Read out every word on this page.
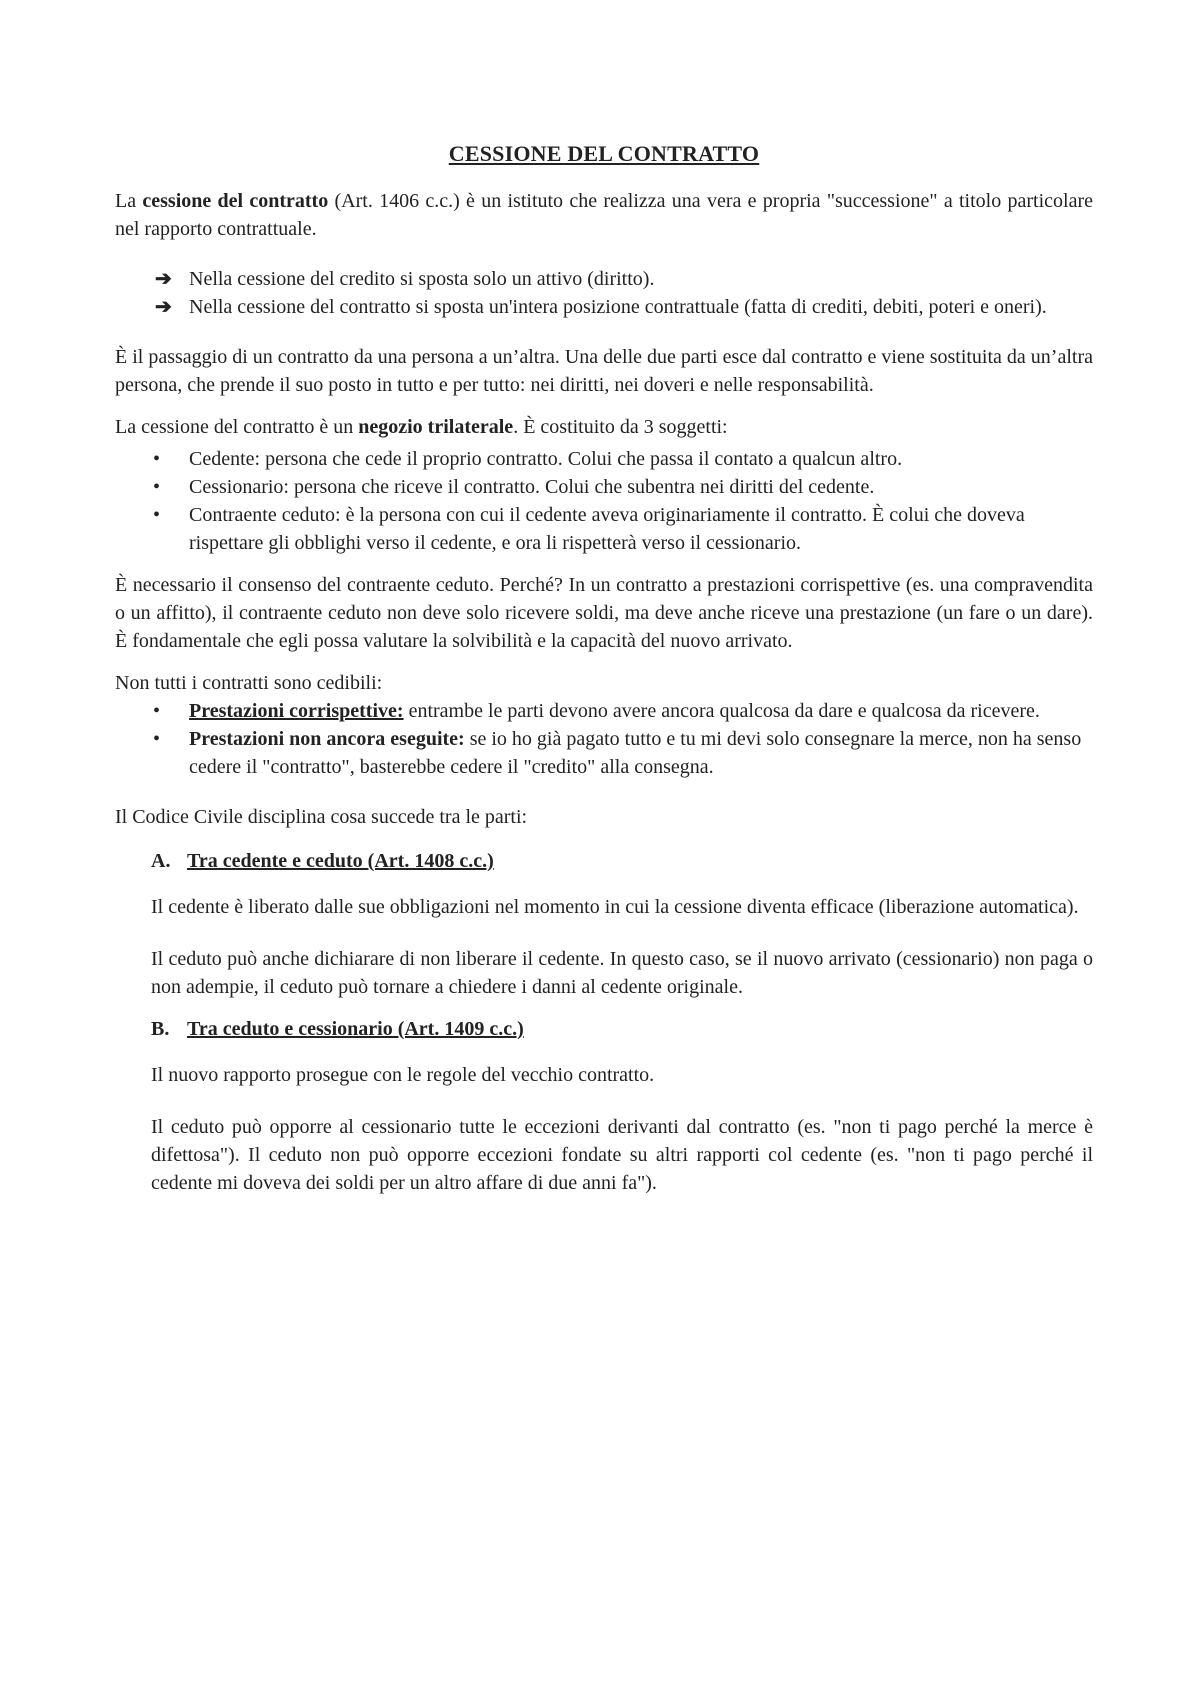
CESSIONE DEL CONTRATTO

La cessione del contratto (Art. 1406 c.c.) è un istituto che realizza una vera e propria "successione" a titolo particolare nel rapporto contrattuale.

➔ Nella cessione del credito si sposta solo un attivo (diritto).
➔ Nella cessione del contratto si sposta un'intera posizione contrattuale (fatta di crediti, debiti, poteri e oneri).

È il passaggio di un contratto da una persona a un’altra. Una delle due parti esce dal contratto e viene sostituita da un’altra persona, che prende il suo posto in tutto e per tutto: nei diritti, nei doveri e nelle responsabilità.

La cessione del contratto è un negozio trilaterale. È costituito da 3 soggetti:

• Cedente: persona che cede il proprio contratto. Colui che passa il contato a qualcun altro.
• Cessionario: persona che riceve il contratto. Colui che subentra nei diritti del cedente.
• Contraente ceduto: è la persona con cui il cedente aveva originariamente il contratto. È colui che doveva rispettare gli obblighi verso il cedente, e ora li rispetterà verso il cessionario.

È necessario il consenso del contraente ceduto. Perché? In un contratto a prestazioni corrispettive (es. una compravendita o un affitto), il contraente ceduto non deve solo ricevere soldi, ma deve anche riceve una prestazione (un fare o un dare). È fondamentale che egli possa valutare la solvibilità e la capacità del nuovo arrivato.

Non tutti i contratti sono cedibili:

• Prestazioni corrispettive: entrambe le parti devono avere ancora qualcosa da dare e qualcosa da ricevere.
• Prestazioni non ancora eseguite: se io ho già pagato tutto e tu mi devi solo consegnare la merce, non ha senso cedere il "contratto", basterebbe cedere il "credito" alla consegna.

Il Codice Civile disciplina cosa succede tra le parti:

A. Tra cedente e ceduto (Art. 1408 c.c.)

Il cedente è liberato dalle sue obbligazioni nel momento in cui la cessione diventa efficace (liberazione automatica).

Il ceduto può anche dichiarare di non liberare il cedente. In questo caso, se il nuovo arrivato (cessionario) non paga o non adempie, il ceduto può tornare a chiedere i danni al cedente originale.

B. Tra ceduto e cessionario (Art. 1409 c.c.)

Il nuovo rapporto prosegue con le regole del vecchio contratto.

Il ceduto può opporre al cessionario tutte le eccezioni derivanti dal contratto (es. "non ti pago perché la merce è difettosa"). Il ceduto non può opporre eccezioni fondate su altri rapporti col cedente (es. "non ti pago perché il cedente mi doveva dei soldi per un altro affare di due anni fa").
